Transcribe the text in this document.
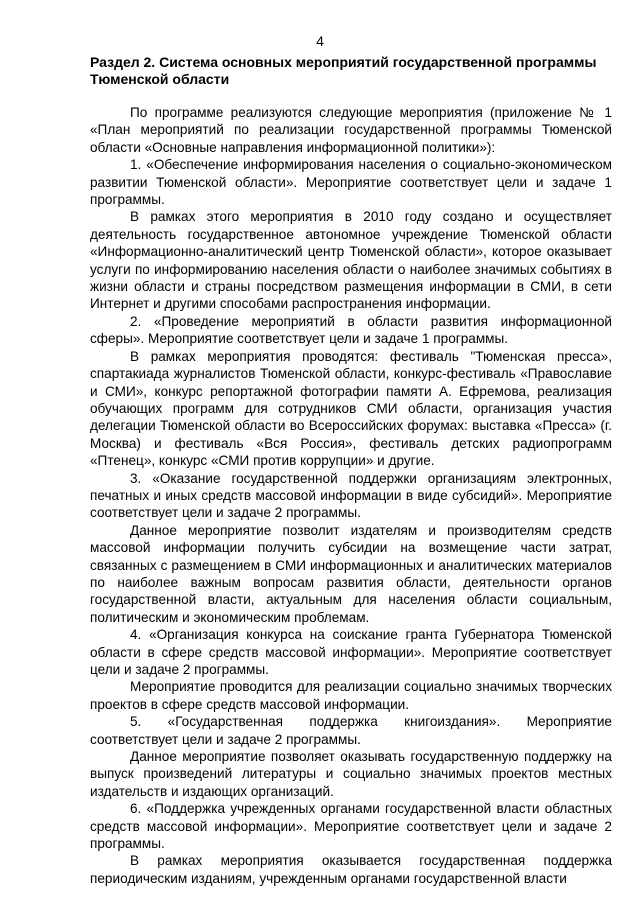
4
Раздел 2. Система основных мероприятий государственной программы Тюменской области

По программе реализуются следующие мероприятия (приложение № 1 «План мероприятий по реализации государственной программы Тюменской области «Основные направления информационной политики»):

1. «Обеспечение информирования населения о социально-экономическом развитии Тюменской области». Мероприятие соответствует цели и задаче 1 программы.

В рамках этого мероприятия в 2010 году создано и осуществляет деятельность государственное автономное учреждение Тюменской области «Информационно-аналитический центр Тюменской области», которое оказывает услуги по информированию населения области о наиболее значимых событиях в жизни области и страны посредством размещения информации в СМИ, в сети Интернет и другими способами распространения информации.

2. «Проведение мероприятий в области развития информационной сферы». Мероприятие соответствует цели и задаче 1 программы.

В рамках мероприятия проводятся: фестиваль "Тюменская пресса», спартакиада журналистов Тюменской области, конкурс-фестиваль «Православие и СМИ», конкурс репортажной фотографии памяти А. Ефремова, реализация обучающих программ для сотрудников СМИ области, организация участия делегации Тюменской области во Всероссийских форумах: выставка «Пресса» (г. Москва) и фестиваль «Вся Россия», фестиваль детских радиопрограмм «Птенец», конкурс «СМИ против коррупции» и другие.

3. «Оказание государственной поддержки организациям электронных, печатных и иных средств массовой информации в виде субсидий». Мероприятие соответствует цели и задаче 2 программы.

Данное мероприятие позволит издателям и производителям средств массовой информации получить субсидии на возмещение части затрат, связанных с размещением в СМИ информационных и аналитических материалов по наиболее важным вопросам развития области, деятельности органов государственной власти, актуальным для населения области социальным, политическим и экономическим проблемам.

4. «Организация конкурса на соискание гранта Губернатора Тюменской области в сфере средств массовой информации». Мероприятие соответствует цели и задаче 2 программы.

Мероприятие проводится для реализации социально значимых творческих проектов в сфере средств массовой информации.

5. «Государственная поддержка книгоиздания». Мероприятие соответствует цели и задаче 2 программы.

Данное мероприятие позволяет оказывать государственную поддержку на выпуск произведений литературы и социально значимых проектов местных издательств и издающих организаций.

6. «Поддержка учрежденных органами государственной власти областных средств массовой информации». Мероприятие соответствует цели и задаче 2 программы.

В рамках мероприятия оказывается государственная поддержка периодическим изданиям, учрежденным органами государственной власти
